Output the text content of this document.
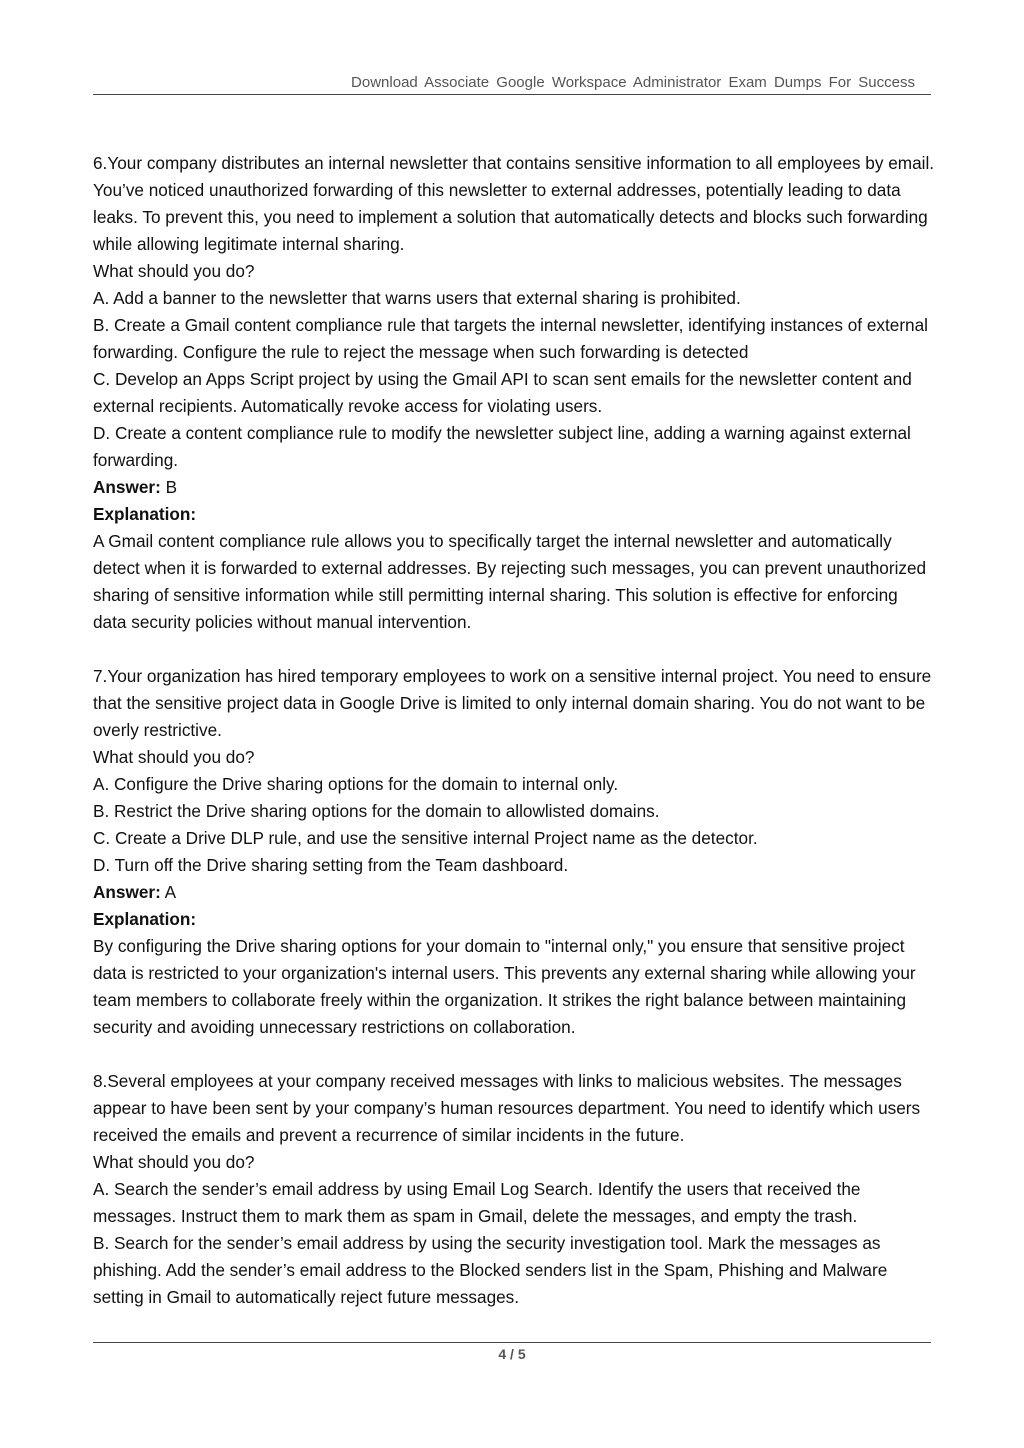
Download Associate Google Workspace Administrator Exam Dumps For Success

6.Your company distributes an internal newsletter that contains sensitive information to all employees by email. You’ve noticed unauthorized forwarding of this newsletter to external addresses, potentially leading to data leaks. To prevent this, you need to implement a solution that automatically detects and blocks such forwarding while allowing legitimate internal sharing.

What should you do?

A. Add a banner to the newsletter that warns users that external sharing is prohibited.

B. Create a Gmail content compliance rule that targets the internal newsletter, identifying instances of external forwarding. Configure the rule to reject the message when such forwarding is detected

C. Develop an Apps Script project by using the Gmail API to scan sent emails for the newsletter content and external recipients. Automatically revoke access for violating users.

D. Create a content compliance rule to modify the newsletter subject line, adding a warning against external forwarding.

Answer: B

Explanation:

A Gmail content compliance rule allows you to specifically target the internal newsletter and automatically detect when it is forwarded to external addresses. By rejecting such messages, you can prevent unauthorized sharing of sensitive information while still permitting internal sharing. This solution is effective for enforcing data security policies without manual intervention.

7.Your organization has hired temporary employees to work on a sensitive internal project. You need to ensure that the sensitive project data in Google Drive is limited to only internal domain sharing. You do not want to be overly restrictive.

What should you do?

A. Configure the Drive sharing options for the domain to internal only.

B. Restrict the Drive sharing options for the domain to allowlisted domains.

C. Create a Drive DLP rule, and use the sensitive internal Project name as the detector.

D. Turn off the Drive sharing setting from the Team dashboard.

Answer: A

Explanation:

By configuring the Drive sharing options for your domain to "internal only," you ensure that sensitive project data is restricted to your organization's internal users. This prevents any external sharing while allowing your team members to collaborate freely within the organization. It strikes the right balance between maintaining security and avoiding unnecessary restrictions on collaboration.

8.Several employees at your company received messages with links to malicious websites. The messages appear to have been sent by your company’s human resources department. You need to identify which users received the emails and prevent a recurrence of similar incidents in the future.

What should you do?

A. Search the sender’s email address by using Email Log Search. Identify the users that received the messages. Instruct them to mark them as spam in Gmail, delete the messages, and empty the trash.

B. Search for the sender’s email address by using the security investigation tool. Mark the messages as phishing. Add the sender’s email address to the Blocked senders list in the Spam, Phishing and Malware setting in Gmail to automatically reject future messages.

4 / 5
